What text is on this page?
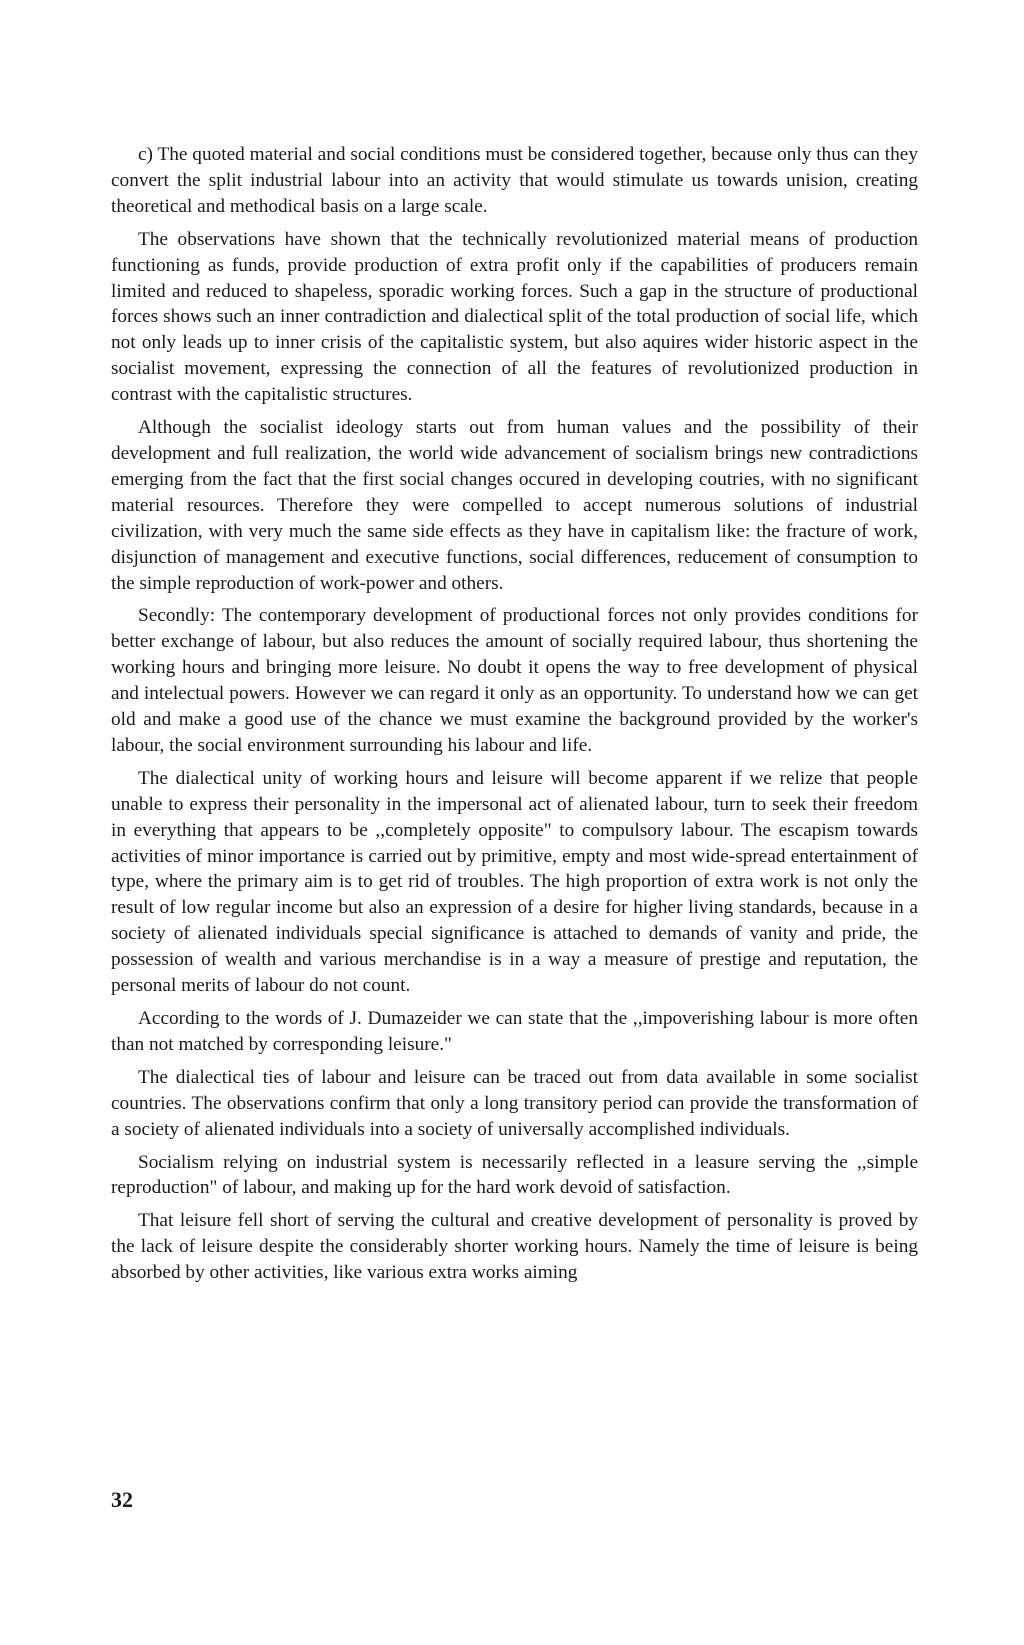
c) The quoted material and social conditions must be considered together, because only thus can they convert the split industrial labour into an activity that would stimulate us towards unision, creating theoretical and methodical basis on a large scale.

The observations have shown that the technically revolutionized material means of production functioning as funds, provide production of extra profit only if the capabilities of producers remain limited and reduced to shapeless, sporadic working forces. Such a gap in the structure of productional forces shows such an inner contradiction and dialectical split of the total production of social life, which not only leads up to inner crisis of the capitalistic system, but also aquires wider historic aspect in the socialist movement, expressing the connection of all the features of revolutionized production in contrast with the capitalistic structures.

Although the socialist ideology starts out from human values and the possibility of their development and full realization, the world wide advancement of socialism brings new contradictions emerging from the fact that the first social changes occured in developing coutries, with no significant material resources. Therefore they were compelled to accept numerous solutions of industrial civilization, with very much the same side effects as they have in capitalism like: the fracture of work, disjunction of management and executive functions, social differences, reducement of consumption to the simple reproduction of work-power and others.

Secondly: The contemporary development of productional forces not only provides conditions for better exchange of labour, but also reduces the amount of socially required labour, thus shortening the working hours and bringing more leisure. No doubt it opens the way to free development of physical and intelectual powers. However we can regard it only as an opportunity. To understand how we can get old and make a good use of the chance we must examine the background provided by the worker's labour, the social environment surrounding his labour and life.

The dialectical unity of working hours and leisure will become apparent if we relize that people unable to express their personality in the impersonal act of alienated labour, turn to seek their freedom in everything that appears to be ,,completely opposite" to compulsory labour. The escapism towards activities of minor importance is carried out by primitive, empty and most wide-spread entertainment of type, where the primary aim is to get rid of troubles. The high proportion of extra work is not only the result of low regular income but also an expression of a desire for higher living standards, because in a society of alienated individuals special significance is attached to demands of vanity and pride, the possession of wealth and various merchandise is in a way a measure of prestige and reputation, the personal merits of labour do not count.

According to the words of J. Dumazeider we can state that the ,,impoverishing labour is more often than not matched by corresponding leisure."

The dialectical ties of labour and leisure can be traced out from data available in some socialist countries. The observations confirm that only a long transitory period can provide the transformation of a society of alienated individuals into a society of universally accomplished individuals.

Socialism relying on industrial system is necessarily reflected in a leasure serving the ,,simple reproduction" of labour, and making up for the hard work devoid of satisfaction.

That leisure fell short of serving the cultural and creative development of personality is proved by the lack of leisure despite the considerably shorter working hours. Namely the time of leisure is being absorbed by other activities, like various extra works aiming

32
